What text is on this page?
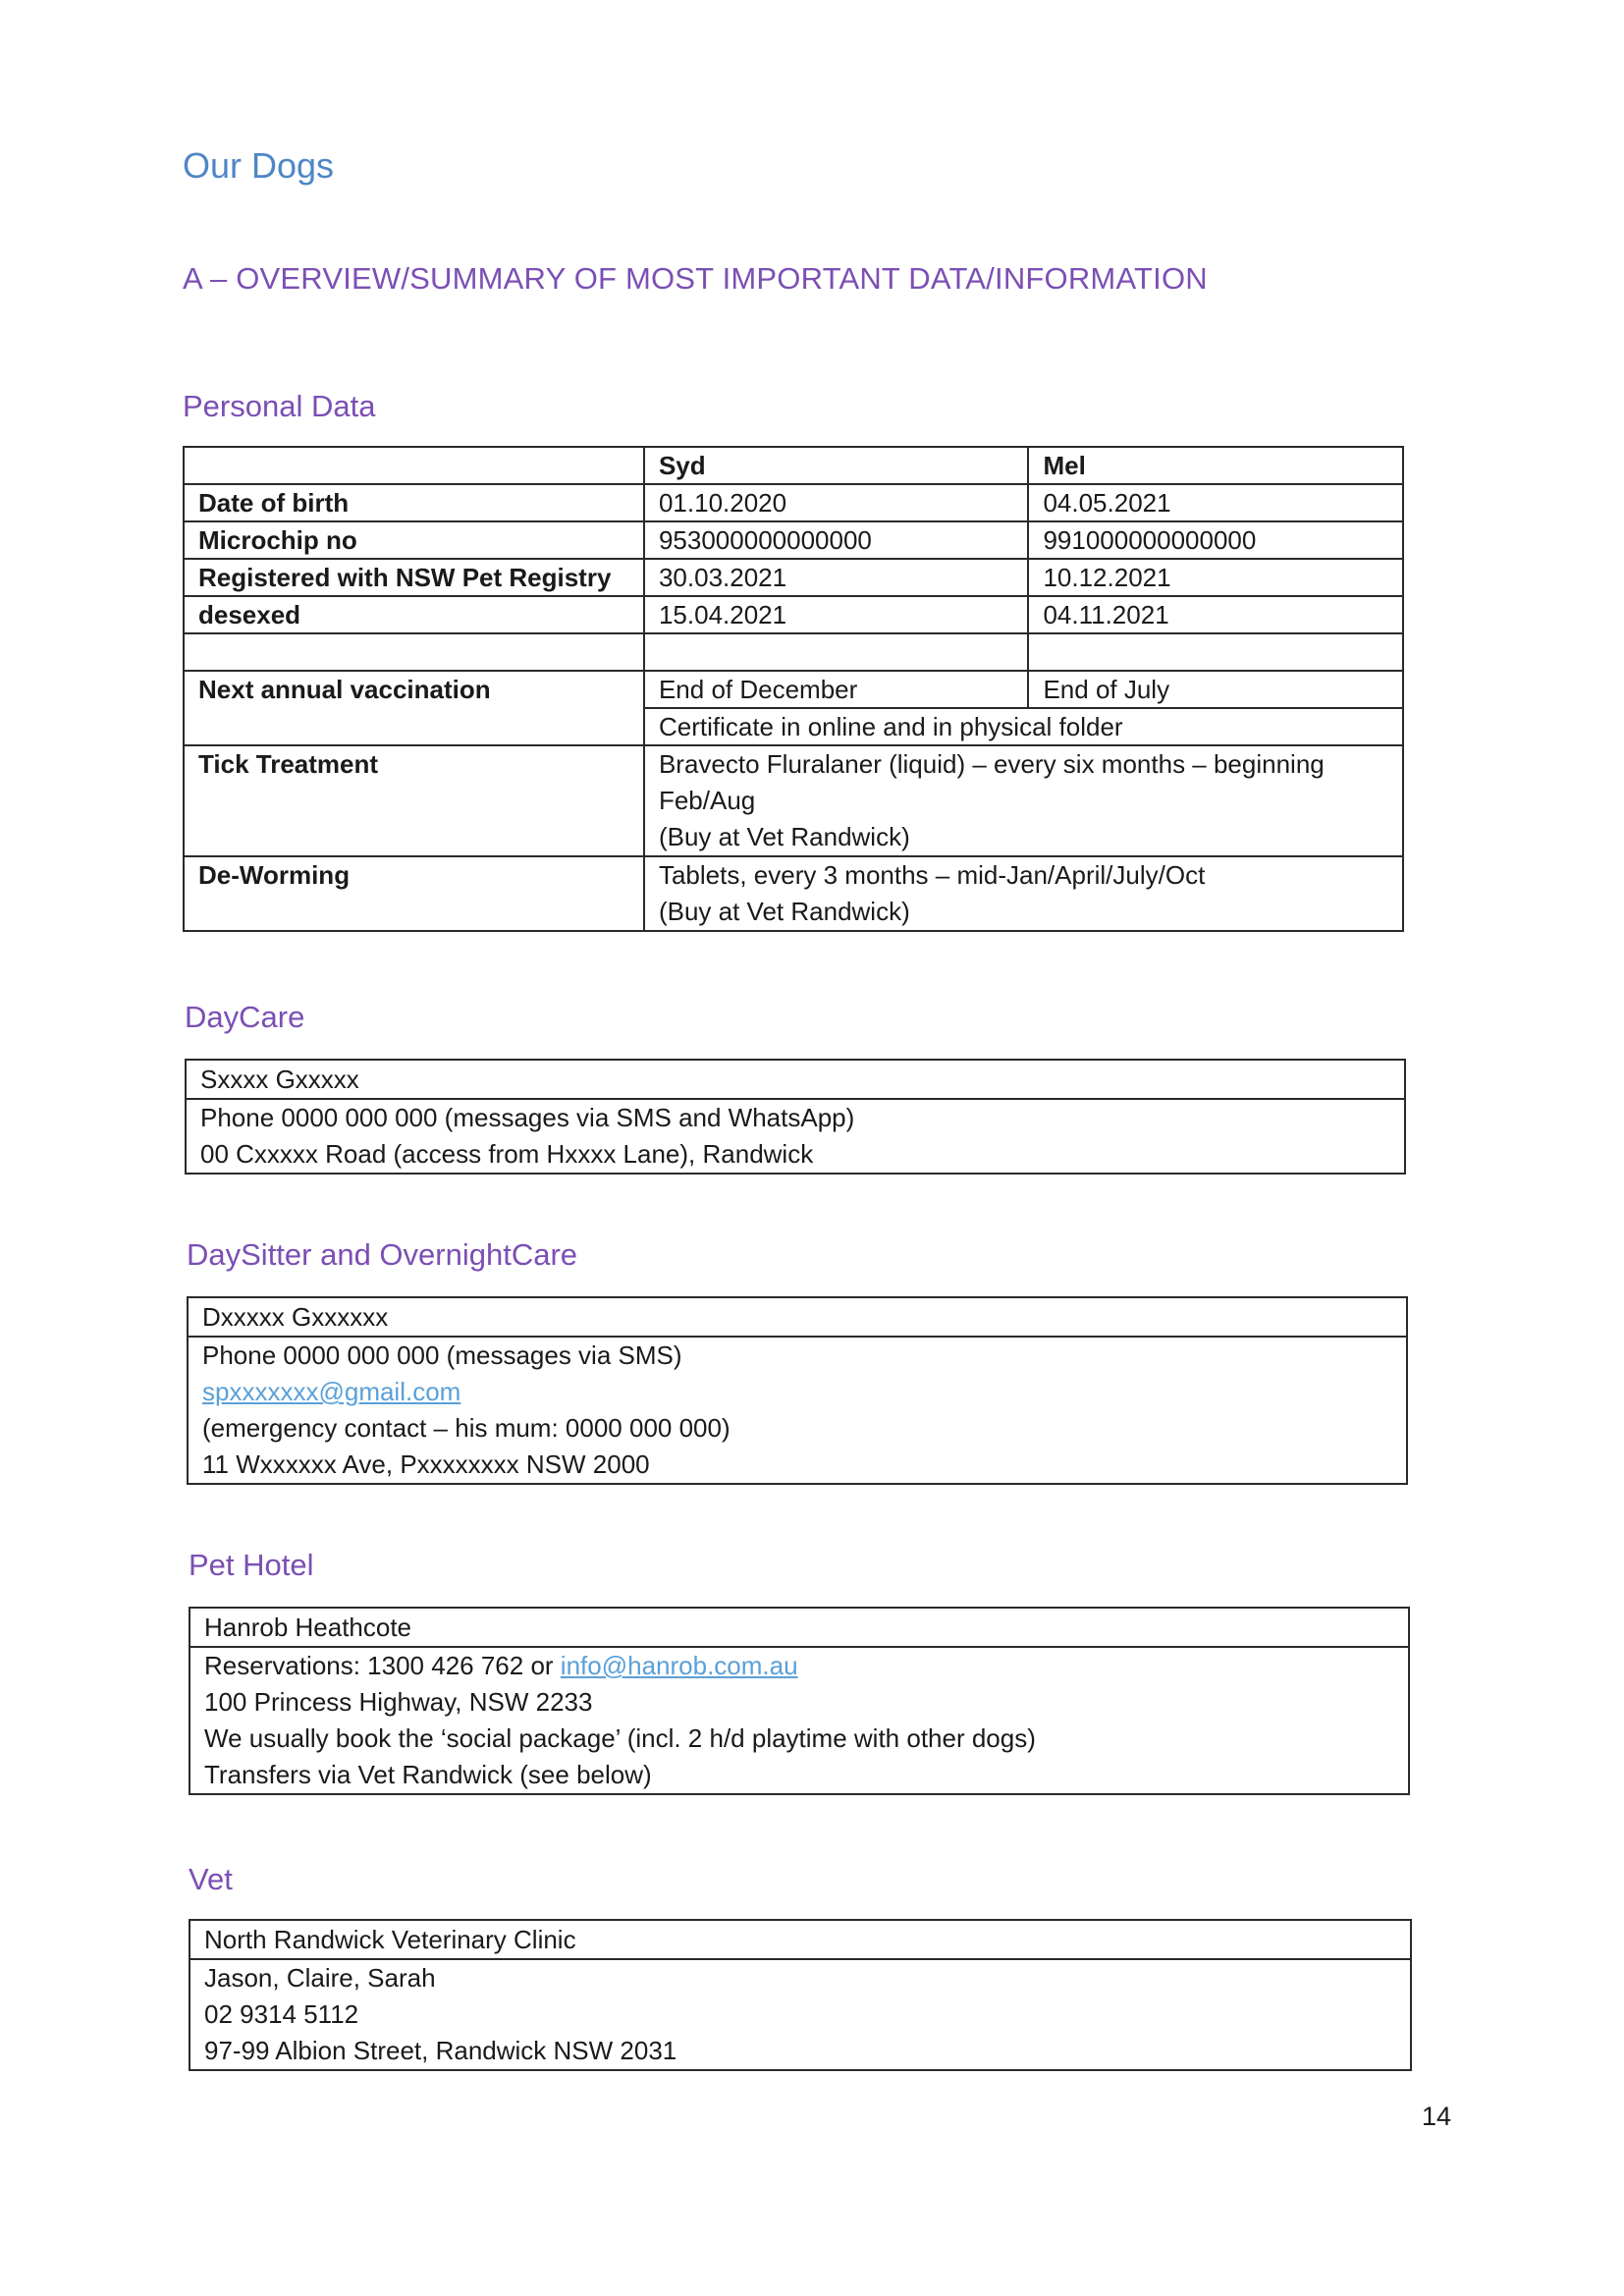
Our Dogs
A – OVERVIEW/SUMMARY OF MOST IMPORTANT DATA/INFORMATION
Personal Data
	Syd	Mel
Date of birth	01.10.2020	04.05.2021
Microchip no	953000000000000	991000000000000
Registered with NSW Pet Registry	30.03.2021	10.12.2021
desexed	15.04.2021	04.11.2021

Next annual vaccination	End of December	End of July
	Certificate in online and in physical folder	
Tick Treatment	Bravecto Fluralaner (liquid) – every six months – beginning
Feb/Aug
(Buy at Vet Randwick)	

De-Worming	Tablets, every 3 months – mid-Jan/April/July/Oct
(Buy at Vet Randwick)	
DayCare
Sxxxx Gxxxxx
Phone 0000 000 000 (messages via SMS and WhatsApp)
00 Cxxxxx Road (access from Hxxxx Lane), Randwick
DaySitter and OvernightCare
Dxxxxx Gxxxxxx
Phone 0000 000 000 (messages via SMS)
spxxxxxxx@gmail.com
(emergency contact – his mum: 0000 000 000)
11 Wxxxxxx Ave, Pxxxxxxxx NSW 2000
Pet Hotel
Hanrob Heathcote
Reservations: 1300 426 762 or info@hanrob.com.au
100 Princess Highway, NSW 2233
We usually book the ‘social package’ (incl. 2 h/d playtime with other dogs)
Transfers via Vet Randwick (see below)
Vet
North Randwick Veterinary Clinic
Jason, Claire, Sarah
02 9314 5112
97-99 Albion Street, Randwick NSW 2031
14
